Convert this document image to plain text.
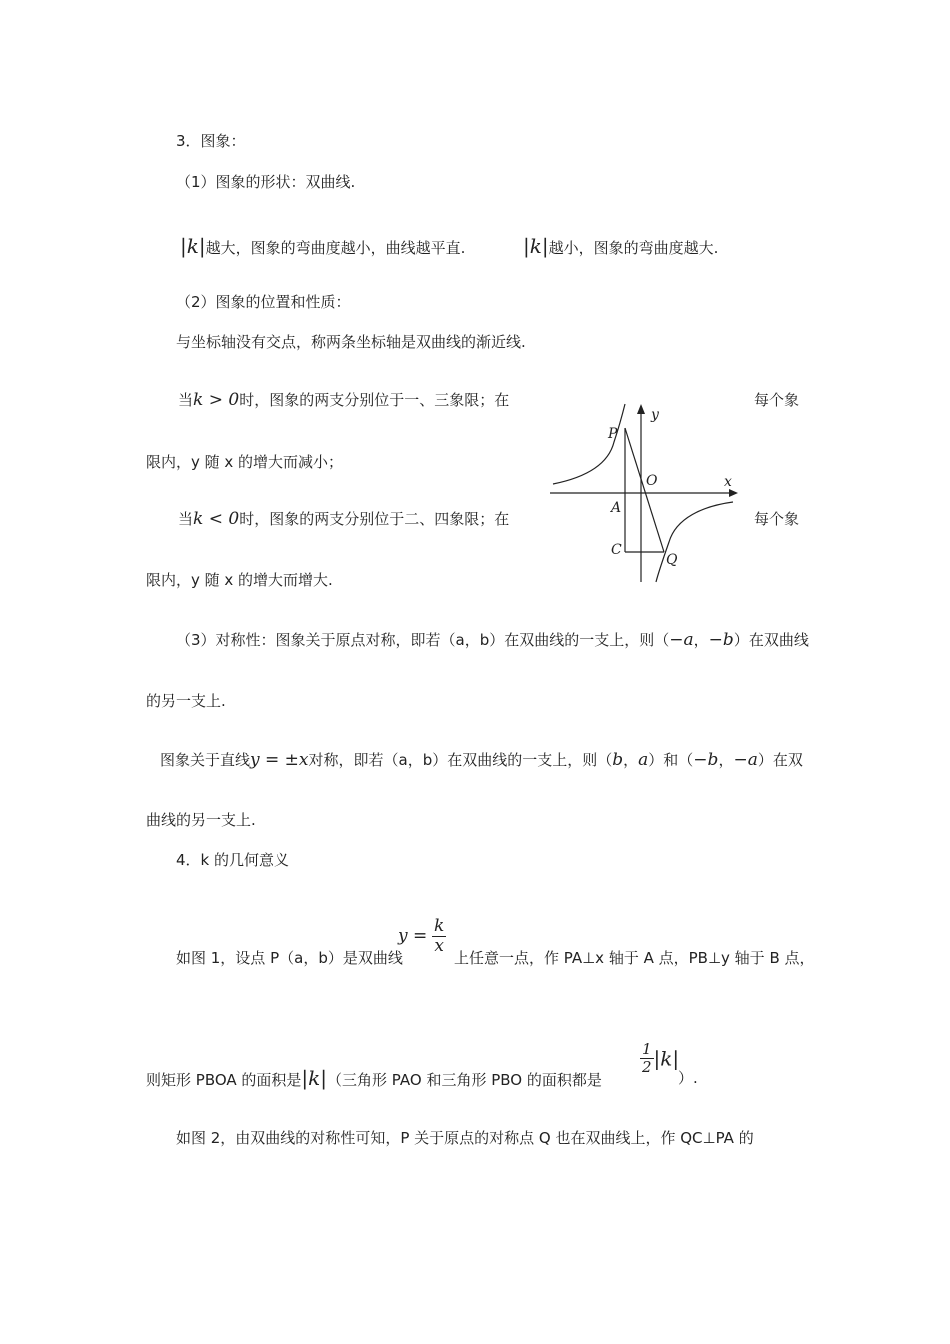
3．图象：
（1）图象的形状：双曲线.
|k|越大，图象的弯曲度越小，曲线越平直.	|k|越小，图象的弯曲度越大.
（2）图象的位置和性质：
与坐标轴没有交点，称两条坐标轴是双曲线的渐近线.
当k > 0时，图象的两支分别位于一、三象限；在	每个象
限内，y 随 x 的增大而减小；
当k < 0时，图象的两支分别位于二、四象限；在	每个象
限内，y 随 x 的增大而增大.
y
x
P
O
A
C
Q
（3）对称性：图象关于原点对称，即若（a，b）在双曲线的一支上，则（−a，−b）在双曲线
的另一支上.
图象关于直线y = ±x对称，即若（a，b）在双曲线的一支上，则（b，a）和（−b，−a）在双
曲线的另一支上.
4．k 的几何意义
如图 1，设点 P（a，b）是双曲线
$y = \frac{k}{x}$
上任意一点，作 PA⊥x 轴于 A 点，PB⊥y 轴于 B 点，
则矩形 PBOA 的面积是|k|（三角形 PAO 和三角形 PBO 的面积都是
$\frac{1}{2} |k|$
）.
如图 2，由双曲线的对称性可知，P 关于原点的对称点 Q 也在双曲线上，作 QC⊥PA 的
